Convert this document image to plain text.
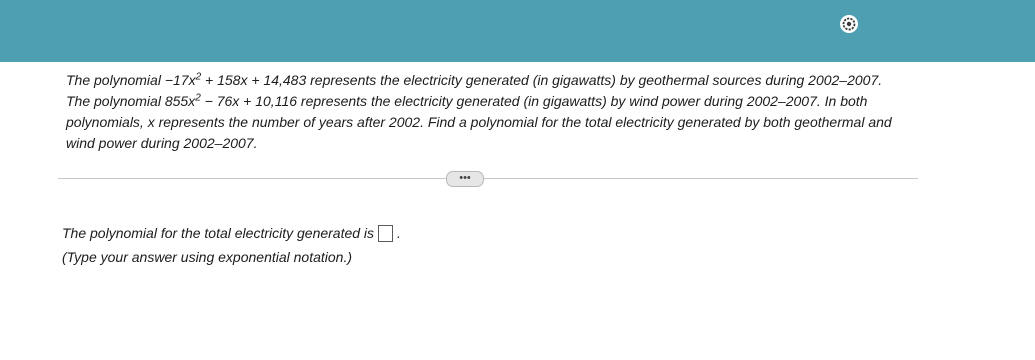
The polynomial $-17x^2 + 158x + 14,483$ represents the electricity generated (in gigawatts) by geothermal sources during 2002–2007. The polynomial $855x^2 - 76x + 10,116$ represents the electricity generated (in gigawatts) by wind power during 2002–2007. In both polynomials, x represents the number of years after 2002. Find a polynomial for the total electricity generated by both geothermal and wind power during 2002–2007.

•••
The polynomial for the total electricity generated is .
(Type your answer using exponential notation.)
